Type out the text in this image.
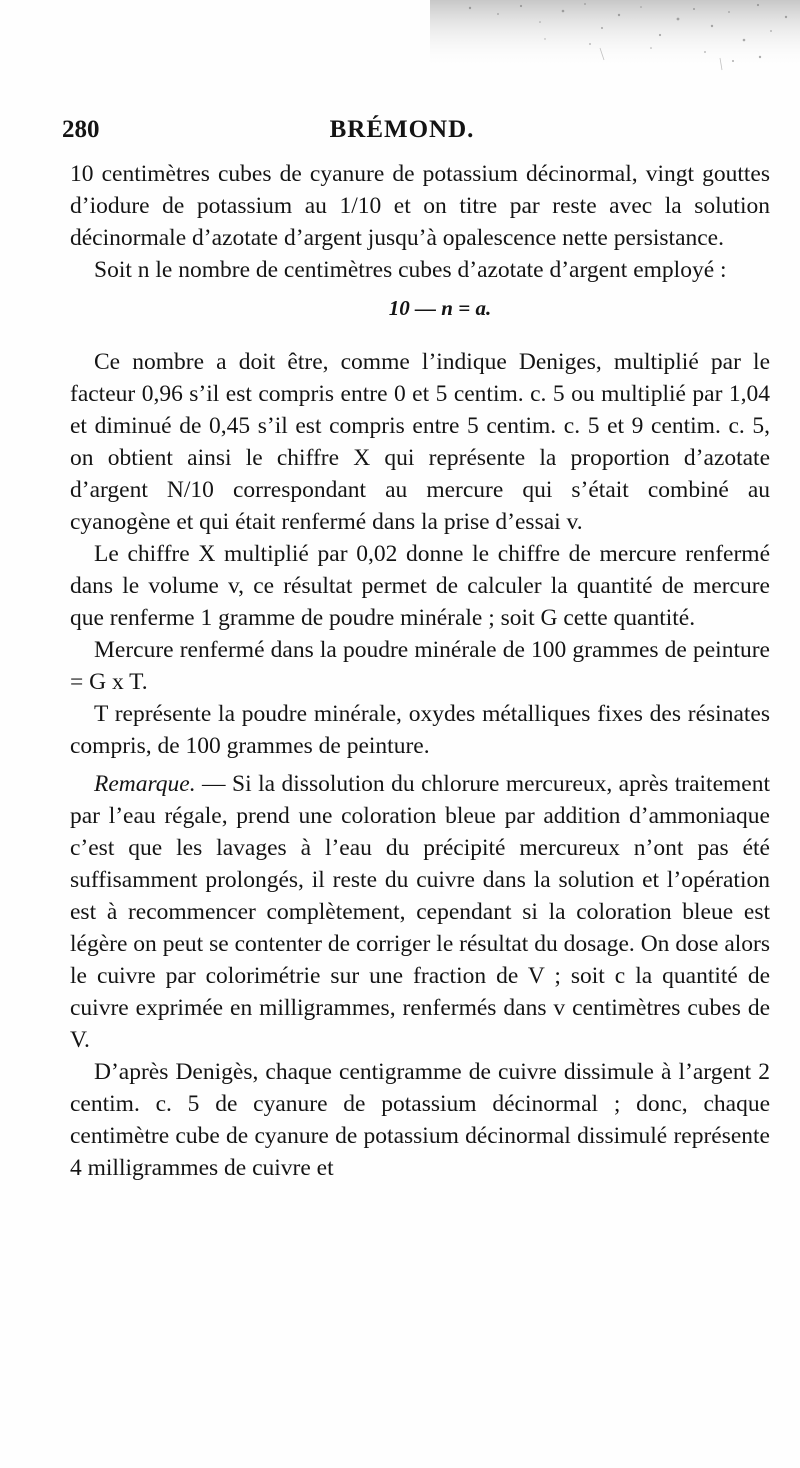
280	BRÉMOND.

10 centimètres cubes de cyanure de potassium décinormal, vingt gouttes d’iodure de potassium au 1/10 et on titre par reste avec la solution décinormale d’azotate d’argent jusqu’à opalescence nette persistance.

Soit n le nombre de centimètres cubes d’azotate d’argent employé :

10 — n = a.

Ce nombre a doit être, comme l’indique Deniges, multiplié par le facteur 0,96 s’il est compris entre 0 et 5 centim. c. 5 ou multiplié par 1,04 et diminué de 0,45 s’il est compris entre 5 centim. c. 5 et 9 centim. c. 5, on obtient ainsi le chiffre X qui représente la proportion d’azotate d’argent N/10 correspondant au mercure qui s’était combiné au cyanogène et qui était renfermé dans la prise d’essai v.

Le chiffre X multiplié par 0,02 donne le chiffre de mercure renfermé dans le volume v, ce résultat permet de calculer la quantité de mercure que renferme 1 gramme de poudre minérale ; soit G cette quantité.

Mercure renfermé dans la poudre minérale de 100 grammes de peinture = G x T.

T représente la poudre minérale, oxydes métalliques fixes des résinates compris, de 100 grammes de peinture.

Remarque. — Si la dissolution du chlorure mercureux, après traitement par l’eau régale, prend une coloration bleue par addition d’ammoniaque c’est que les lavages à l’eau du précipité mercureux n’ont pas été suffisamment prolongés, il reste du cuivre dans la solution et l’opération est à recommencer complètement, cependant si la coloration bleue est légère on peut se contenter de corriger le résultat du dosage. On dose alors le cuivre par colorimétrie sur une fraction de V ; soit c la quantité de cuivre exprimée en milligrammes, renfermés dans v centimètres cubes de V.

D’après Denigès, chaque centigramme de cuivre dissimule à l’argent 2 centim. c. 5 de cyanure de potassium décinormal ; donc, chaque centimètre cube de cyanure de potassium décinormal dissimulé représente 4 milligrammes de cuivre et
